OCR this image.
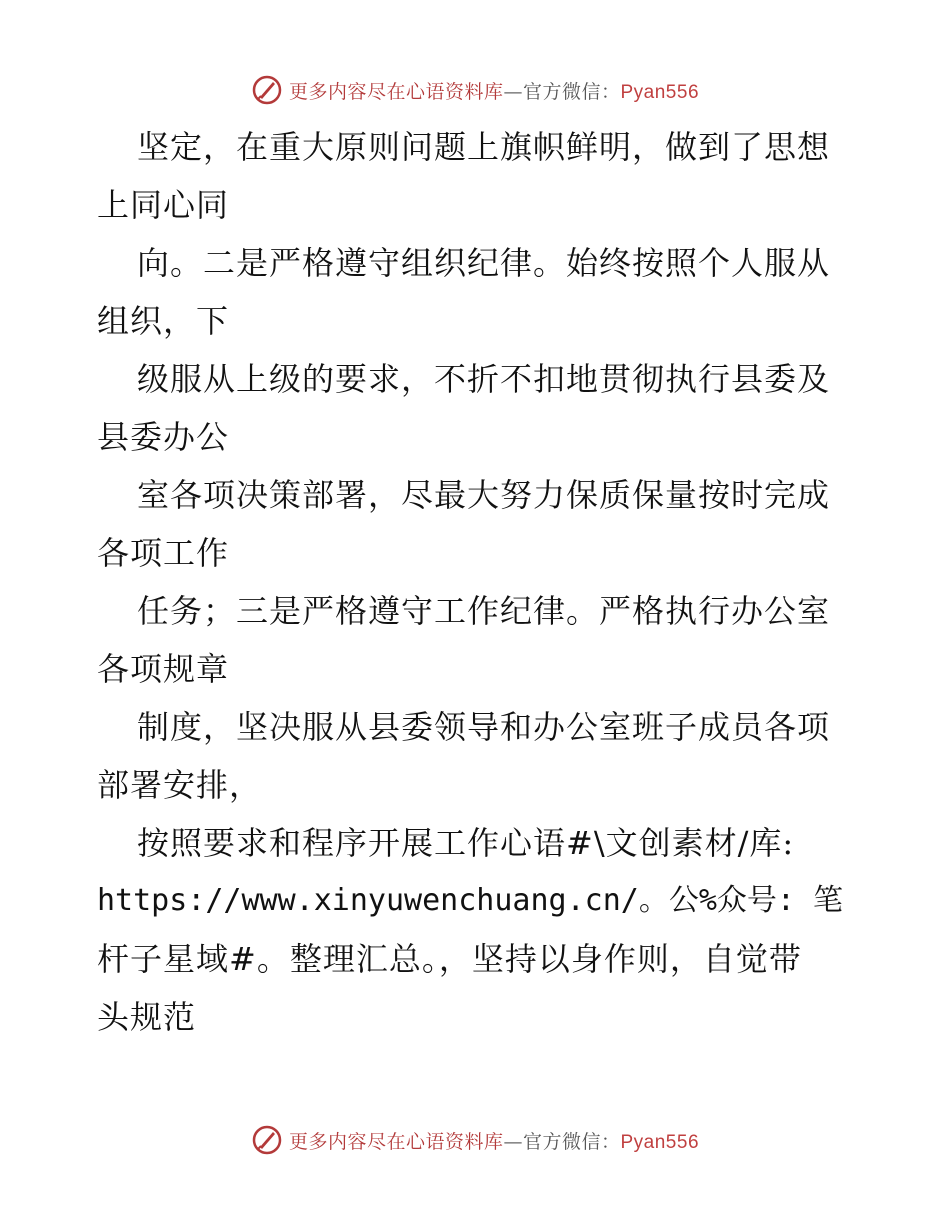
更多内容尽在心语资料库—官方微信：Pyan556
坚定，在重大原则问题上旗帜鲜明，做到了思想
上同心同
向。二是严格遵守组织纪律。始终按照个人服从
组织，下
级服从上级的要求，不折不扣地贯彻执行县委及
县委办公
室各项决策部署，尽最大努力保质保量按时完成
各项工作
任务；三是严格遵守工作纪律。严格执行办公室
各项规章
制度，坚决服从县委领导和办公室班子成员各项
部署安排，
按照要求和程序开展工作心语#\文创素材/库:
https://www.xinyuwenchuang.cn/。公%众号: 笔
杆子星域#。整理汇总。，坚持以身作则，自觉带
头规范
更多内容尽在心语资料库—官方微信：Pyan556
